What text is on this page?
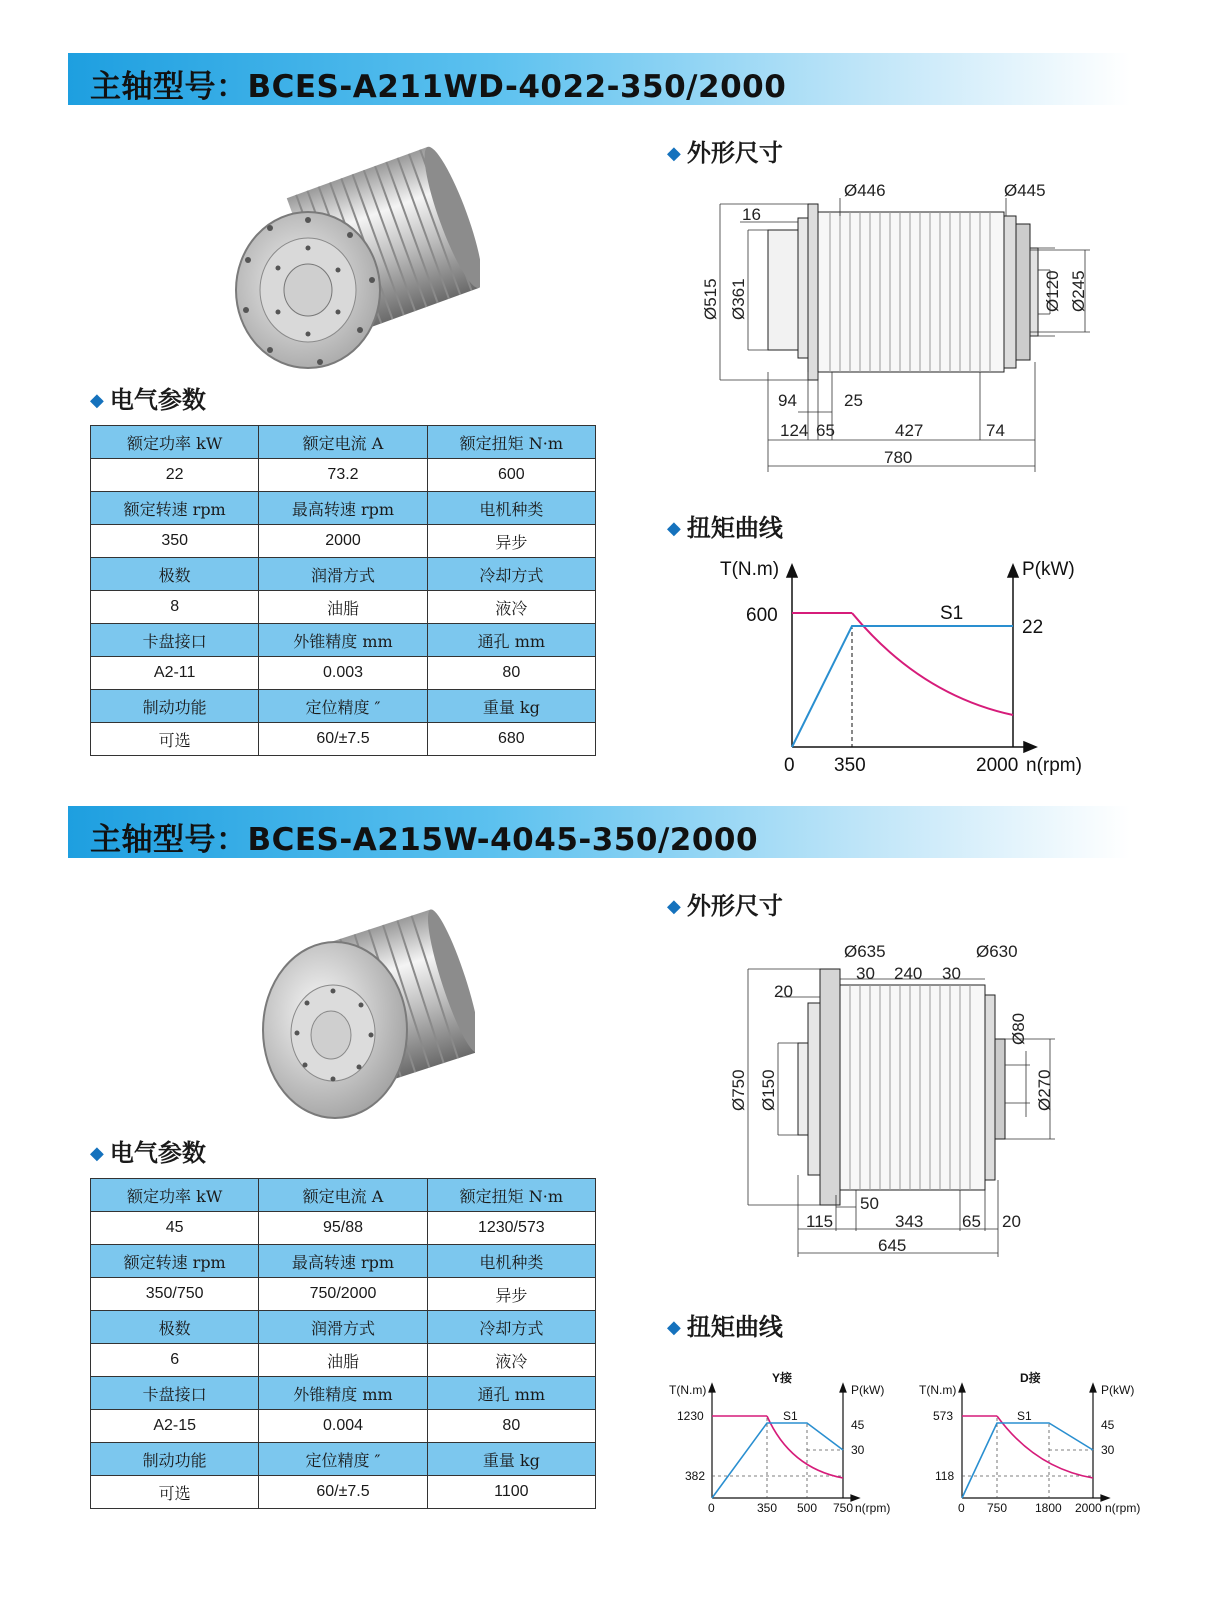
主轴型号：BCES-A211WD-4022-350/2000
◆ 电气参数
额定功率 kW	额定电流 A	额定扭矩 N·m
22	73.2	600
额定转速 rpm	最高转速 rpm	电机种类
350	2000	异步
极数	润滑方式	冷却方式
8	油脂	液冷
卡盘接口	外锥精度 mm	通孔 mm
A2-11	0.003	80
制动功能	定位精度 ″	重量 kg
可选	60/±7.5	680
◆ 外形尺寸
Ø446	Ø445
16
Ø515 Ø361	Ø120 Ø245
94	25
124 65	427	74
780
◆ 扭矩曲线
T(N.m)	P(kW)
600
22
S1
0 350	2000 n(rpm)
主轴型号：BCES-A215W-4045-350/2000
◆ 电气参数
额定功率 kW	额定电流 A	额定扭矩 N·m
45	95/88	1230/573
额定转速 rpm	最高转速 rpm	电机种类
350/750	750/2000	异步
极数	润滑方式	冷却方式
6	油脂	液冷
卡盘接口	外锥精度 mm	通孔 mm
A2-15	0.004	80
制动功能	定位精度 ″	重量 kg
可选	60/±7.5	1100
◆ 外形尺寸
Ø635	Ø630
30 240 30
20
Ø80
Ø750 Ø150	Ø270
50
115	343 65 20
645
◆ 扭矩曲线
Y接
T(N.m)	P(kW)
1230
382
45
30
S1
0	350 500 750 n(rpm)
D接
T(N.m)	P(kW)
573
118
45
30
S1
0 750 1800 2000 n(rpm)
